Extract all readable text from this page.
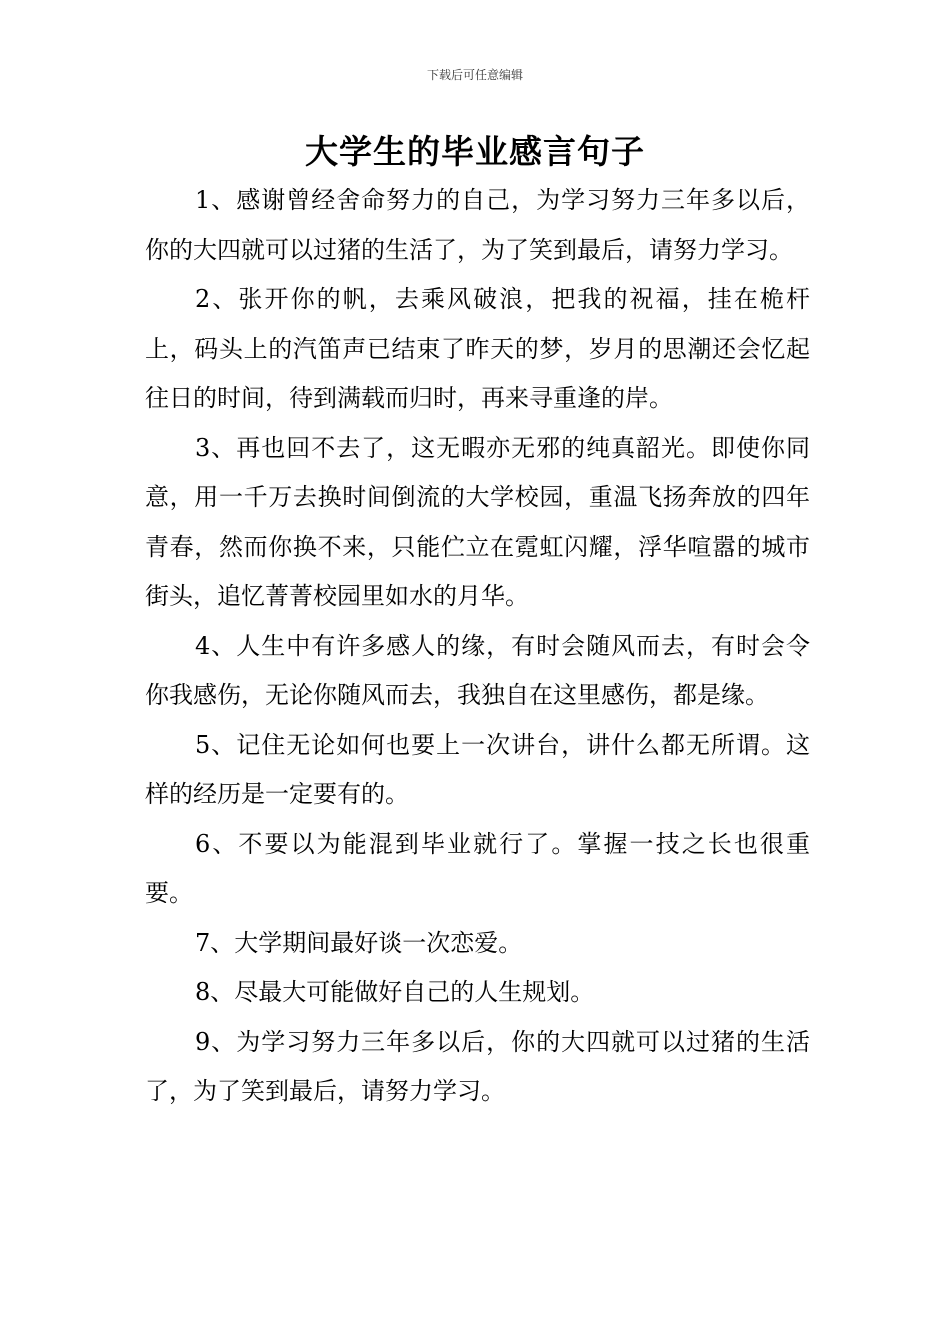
下载后可任意编辑
大学生的毕业感言句子

1、感谢曾经舍命努力的自己，为学习努力三年多以后，你的大四就可以过猪的生活了，为了笑到最后，请努力学习。

2、张开你的帆，去乘风破浪，把我的祝福，挂在桅杆上，码头上的汽笛声已结束了昨天的梦，岁月的思潮还会忆起往日的时间，待到满载而归时，再来寻重逢的岸。

3、再也回不去了，这无暇亦无邪的纯真韶光。即使你同意，用一千万去换时间倒流的大学校园，重温飞扬奔放的四年青春，然而你换不来，只能伫立在霓虹闪耀，浮华喧嚣的城市街头，追忆菁菁校园里如水的月华。

4、人生中有许多感人的缘，有时会随风而去，有时会令你我感伤，无论你随风而去，我独自在这里感伤，都是缘。

5、记住无论如何也要上一次讲台，讲什么都无所谓。这样的经历是一定要有的。

6、不要以为能混到毕业就行了。掌握一技之长也很重要。

7、大学期间最好谈一次恋爱。

8、尽最大可能做好自己的人生规划。

9、为学习努力三年多以后，你的大四就可以过猪的生活了，为了笑到最后，请努力学习。
